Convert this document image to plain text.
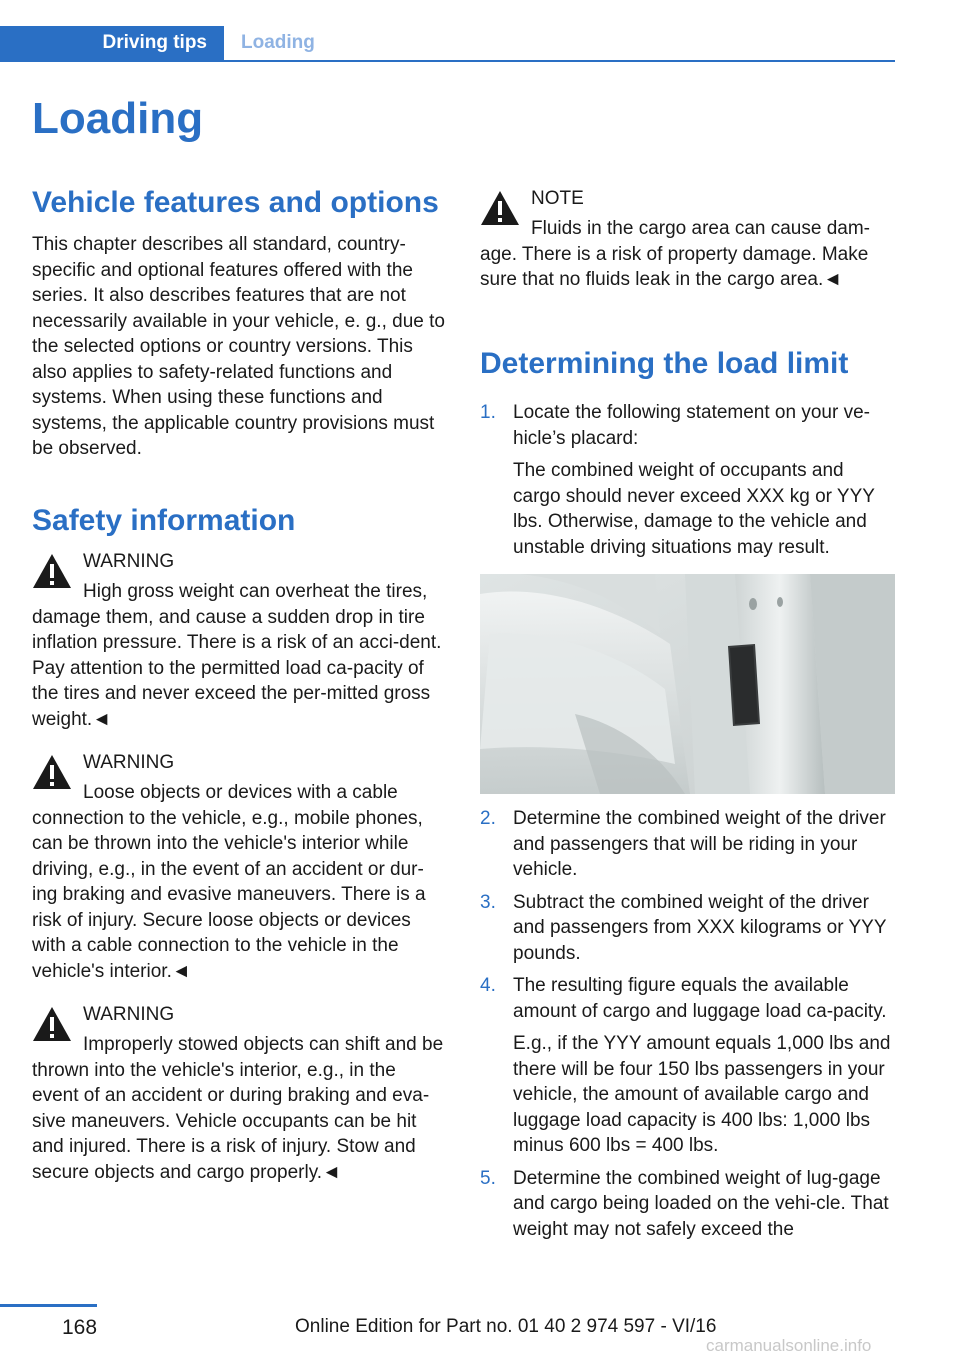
Driving tips	Loading
Loading
Vehicle features and options

This chapter describes all standard, country-specific and optional features offered with the series. It also describes features that are not necessarily available in your vehicle, e. g., due to the selected options or country versions. This also applies to safety-related functions and systems. When using these functions and systems, the applicable country provisions must be observed.

Safety information
WARNING
High gross weight can overheat the tires, damage them, and cause a sudden drop in tire inflation pressure. There is a risk of an acci‐dent. Pay attention to the permitted load ca‐pacity of the tires and never exceed the per‐mitted gross weight.◄
WARNING
Loose objects or devices with a cable connection to the vehicle, e.g., mobile phones, can be thrown into the vehicle's interior while driving, e.g., in the event of an accident or dur‐ing braking and evasive maneuvers. There is a risk of injury. Secure loose objects or devices with a cable connection to the vehicle in the vehicle's interior.◄
WARNING
Improperly stowed objects can shift and be thrown into the vehicle's interior, e.g., in the event of an accident or during braking and eva‐sive maneuvers. Vehicle occupants can be hit and injured. There is a risk of injury. Stow and secure objects and cargo properly.◄
NOTE
Fluids in the cargo area can cause dam‐age. There is a risk of property damage. Make sure that no fluids leak in the cargo area.◄
Determining the load limit
1. Locate the following statement on your ve‐hicle’s placard:
The combined weight of occupants and cargo should never exceed XXX kg or YYY lbs. Otherwise, damage to the vehicle and unstable driving situations may result.
2. Determine the combined weight of the driver and passengers that will be riding in your vehicle.
3. Subtract the combined weight of the driver and passengers from XXX kilograms or YYY pounds.
4. The resulting figure equals the available amount of cargo and luggage load ca‐pacity.
E.g., if the YYY amount equals 1,000 lbs and there will be four 150 lbs passengers in your vehicle, the amount of available cargo and luggage load capacity is 400 lbs: 1,000 lbs minus 600 lbs = 400 lbs.
5. Determine the combined weight of lug‐gage and cargo being loaded on the vehi‐cle. That weight may not safely exceed the
168	Online Edition for Part no. 01 40 2 974 597 - VI/16
carmanualsonline.info
